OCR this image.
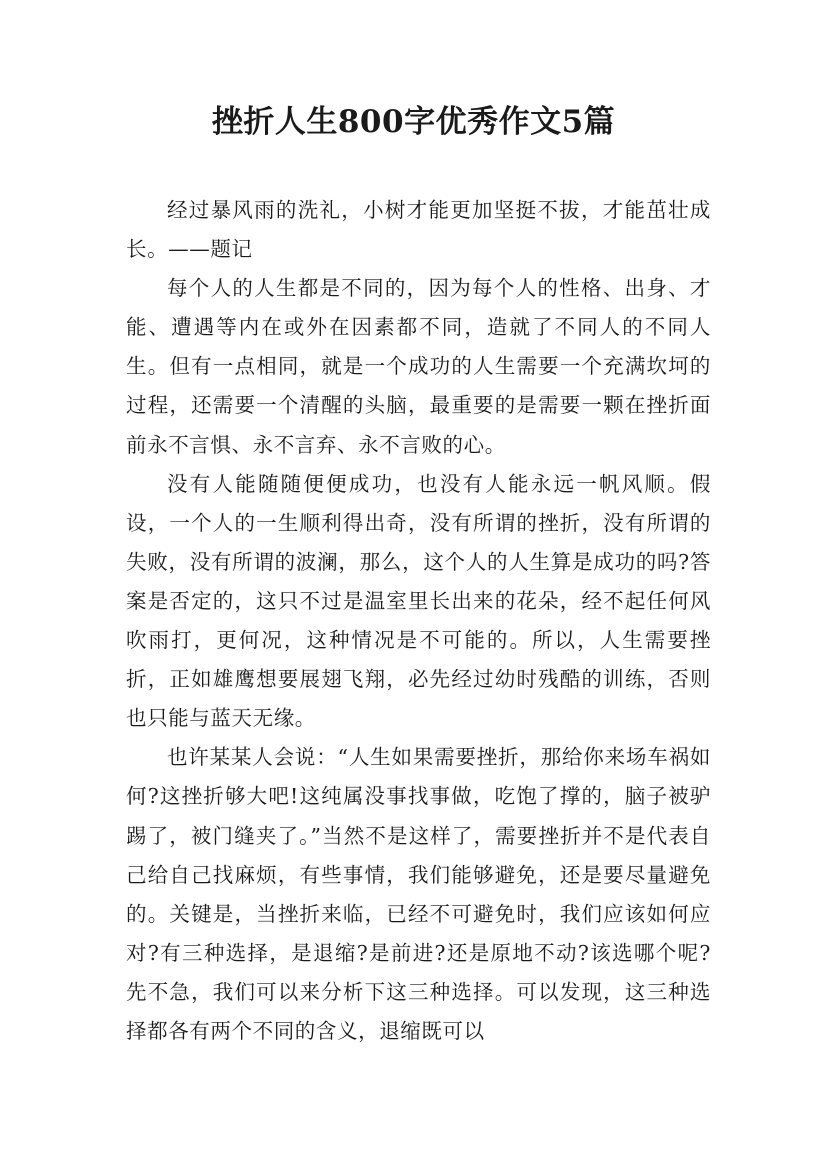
挫折人生800字优秀作文5篇

经过暴风雨的洗礼，小树才能更加坚挺不拔，才能茁壮成长。——题记

每个人的人生都是不同的，因为每个人的性格、出身、才能、遭遇等内在或外在因素都不同，造就了不同人的不同人生。但有一点相同，就是一个成功的人生需要一个充满坎坷的过程，还需要一个清醒的头脑，最重要的是需要一颗在挫折面前永不言惧、永不言弃、永不言败的心。

没有人能随随便便成功，也没有人能永远一帆风顺。假设，一个人的一生顺利得出奇，没有所谓的挫折，没有所谓的失败，没有所谓的波澜，那么，这个人的人生算是成功的吗?答案是否定的，这只不过是温室里长出来的花朵，经不起任何风吹雨打，更何况，这种情况是不可能的。所以，人生需要挫折，正如雄鹰想要展翅飞翔，必先经过幼时残酷的训练，否则也只能与蓝天无缘。

也许某某人会说：“人生如果需要挫折，那给你来场车祸如何?这挫折够大吧!这纯属没事找事做，吃饱了撑的，脑子被驴踢了，被门缝夹了。”当然不是这样了，需要挫折并不是代表自己给自己找麻烦，有些事情，我们能够避免，还是要尽量避免的。关键是，当挫折来临，已经不可避免时，我们应该如何应对?有三种选择，是退缩?是前进?还是原地不动?该选哪个呢?先不急，我们可以来分析下这三种选择。可以发现，这三种选择都各有两个不同的含义，退缩既可以
